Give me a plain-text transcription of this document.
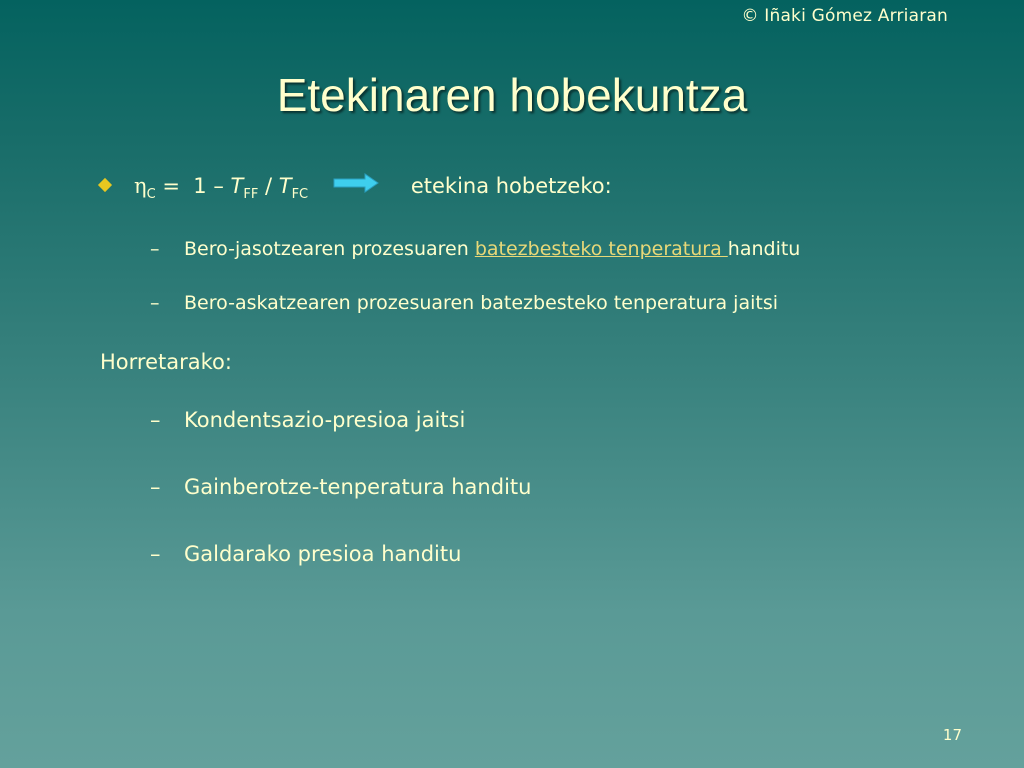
© Iñaki Gómez Arriaran
Etekinaren hobekuntza
$\eta_C = 1 - T_{FF} / T_{FC}$	etekina hobetzeko:
– Bero-jasotzearen prozesuaren batezbesteko tenperatura handitu
– Bero-askatzearen prozesuaren batezbesteko tenperatura jaitsi
Horretarako:
– Kondentsazio-presioa jaitsi
– Gainberotze-tenperatura handitu
– Galdarako presioa handitu
17
